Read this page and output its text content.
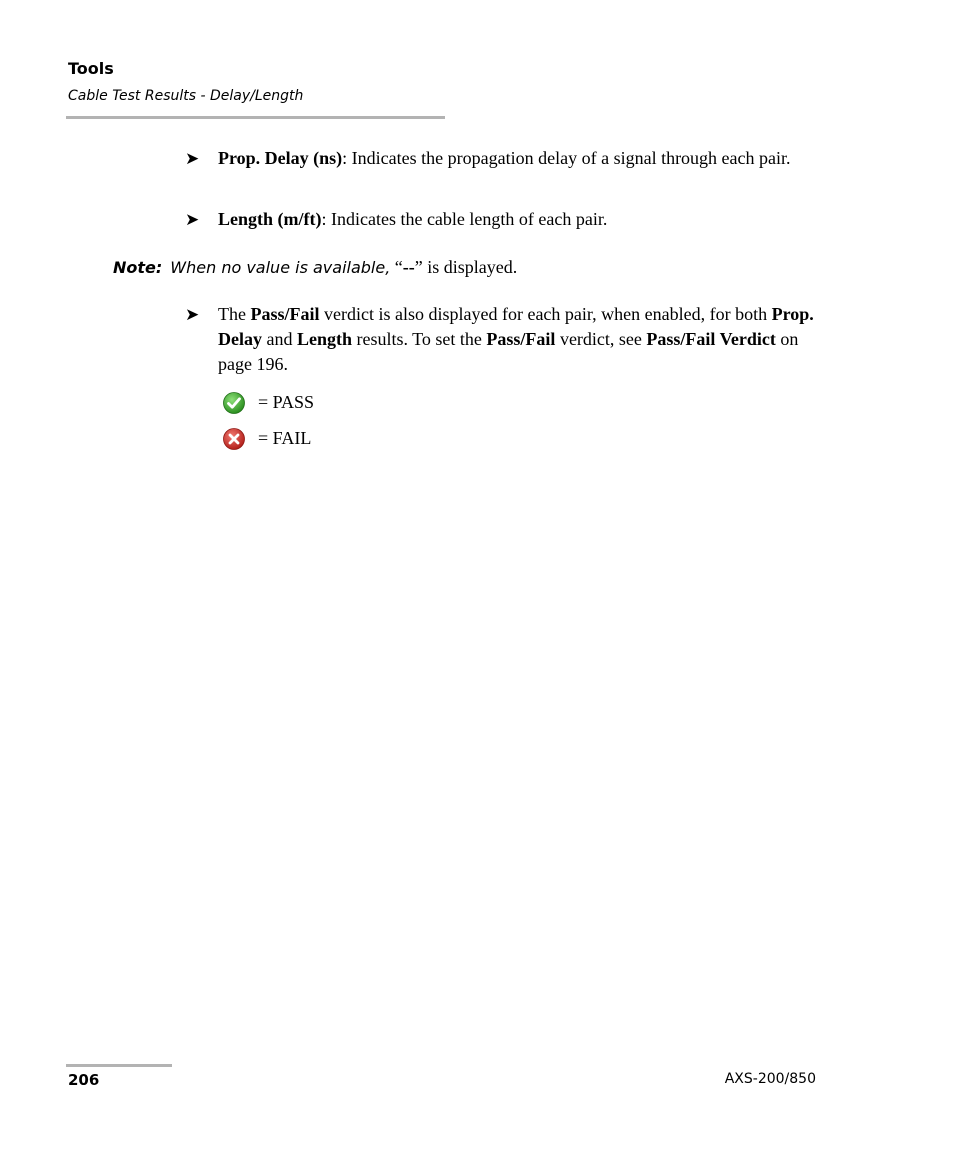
Tools
Cable Test Results - Delay/Length
➤ Prop. Delay (ns): Indicates the propagation delay of a signal through each pair.
➤ Length (m/ft): Indicates the cable length of each pair.
Note: When no value is available, “--” is displayed.
➤ The Pass/Fail verdict is also displayed for each pair, when enabled, for both Prop. Delay and Length results. To set the Pass/Fail verdict, see Pass/Fail Verdict on page 196.
= PASS
= FAIL
206	AXS-200/850
